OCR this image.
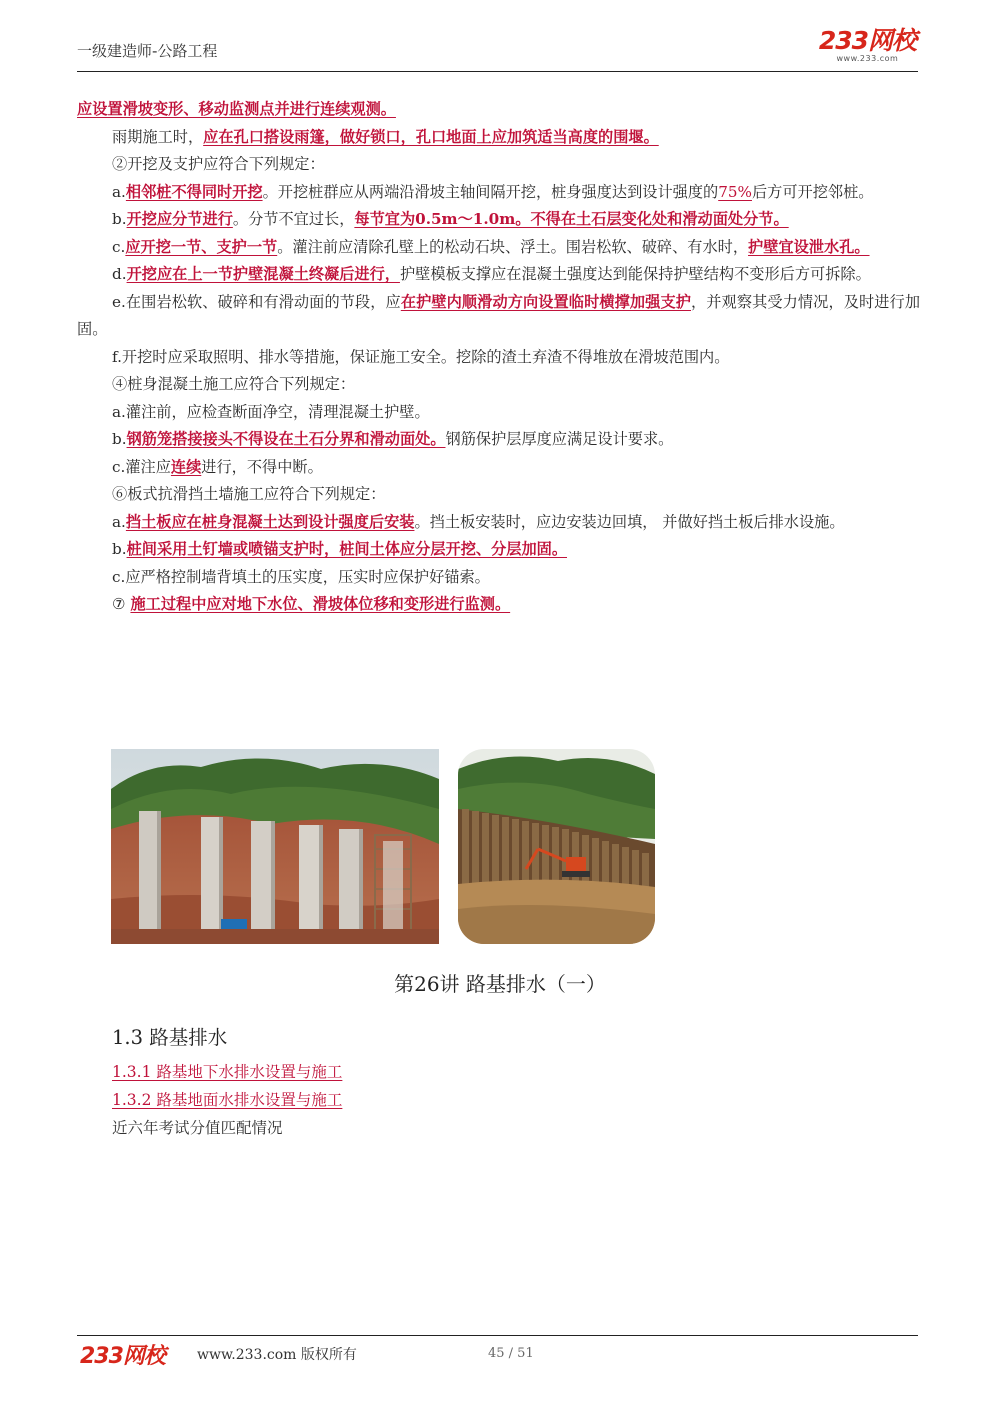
一级建造师-公路工程	233网校
www.233.com

应设置滑坡变形、移动监测点并进行连续观测。

雨期施工时，应在孔口搭设雨篷，做好锁口，孔口地面上应加筑适当高度的围堰。

②开挖及支护应符合下列规定：

a.相邻桩不得同时开挖。开挖桩群应从两端沿滑坡主轴间隔开挖，桩身强度达到设计强度的75%后方可开挖邻桩。

b.开挖应分节进行。分节不宜过长，每节宜为0.5m～1.0m。不得在土石层变化处和滑动面处分节。

c.应开挖一节、支护一节。灌注前应清除孔壁上的松动石块、浮土。围岩松软、破碎、有水时，护壁宜设泄水孔。

d.开挖应在上一节护壁混凝土终凝后进行，护壁模板支撑应在混凝土强度达到能保持护壁结构不变形后方可拆除。

e.在围岩松软、破碎和有滑动面的节段，应在护壁内顺滑动方向设置临时横撑加强支护，并观察其受力情况，及时进行加固。

f.开挖时应采取照明、排水等措施，保证施工安全。挖除的渣土弃渣不得堆放在滑坡范围内。

④桩身混凝土施工应符合下列规定：

a.灌注前，应检查断面净空，清理混凝土护壁。

b.钢筋笼搭接接头不得设在土石分界和滑动面处。钢筋保护层厚度应满足设计要求。

c.灌注应连续进行，不得中断。

⑥板式抗滑挡土墙施工应符合下列规定：

a.挡土板应在桩身混凝土达到设计强度后安装。挡土板安装时，应边安装边回填， 并做好挡土板后排水设施。

b.桩间采用土钉墙或喷锚支护时，桩间土体应分层开挖、分层加固。

c.应严格控制墙背填土的压实度，压实时应保护好锚索。

⑦ 施工过程中应对地下水位、滑坡体位移和变形进行监测。

第26讲 路基排水（一）
1.3 路基排水
1.3.1 路基地下水排水设置与施工
1.3.2 路基地面水排水设置与施工
近六年考试分值匹配情况
233网校 www.233.com 版权所有	45 / 51
